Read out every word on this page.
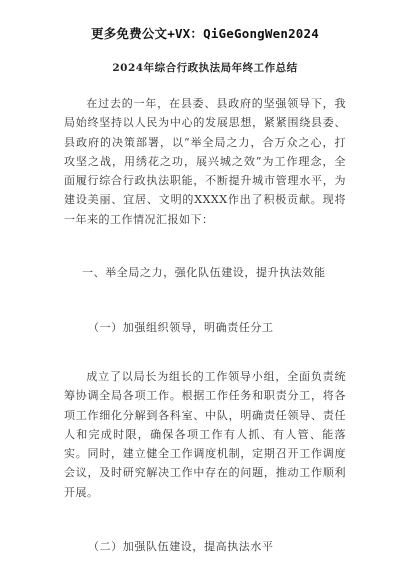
更多免费公文+VX：QiGeGongWen2024
2024年综合行政执法局年终工作总结
在过去的一年，在县委、县政府的坚强领导下，我局始终坚持以人民为中心的发展思想，紧紧围绕县委、县政府的决策部署，以“举全局之力，合万众之心，打攻坚之战，用绣花之功，展兴城之效”为工作理念，全面履行综合行政执法职能，不断提升城市管理水平，为建设美丽、宜居、文明的XXXX作出了积极贡献。现将一年来的工作情况汇报如下：
一、举全局之力，强化队伍建设，提升执法效能
（一）加强组织领导，明确责任分工
成立了以局长为组长的工作领导小组，全面负责统筹协调全局各项工作。根据工作任务和职责分工，将各项工作细化分解到各科室、中队，明确责任领导、责任人和完成时限，确保各项工作有人抓、有人管、能落实。同时，建立健全工作调度机制，定期召开工作调度会议，及时研究解决工作中存在的问题，推动工作顺利开展。
（二）加强队伍建设，提高执法水平
